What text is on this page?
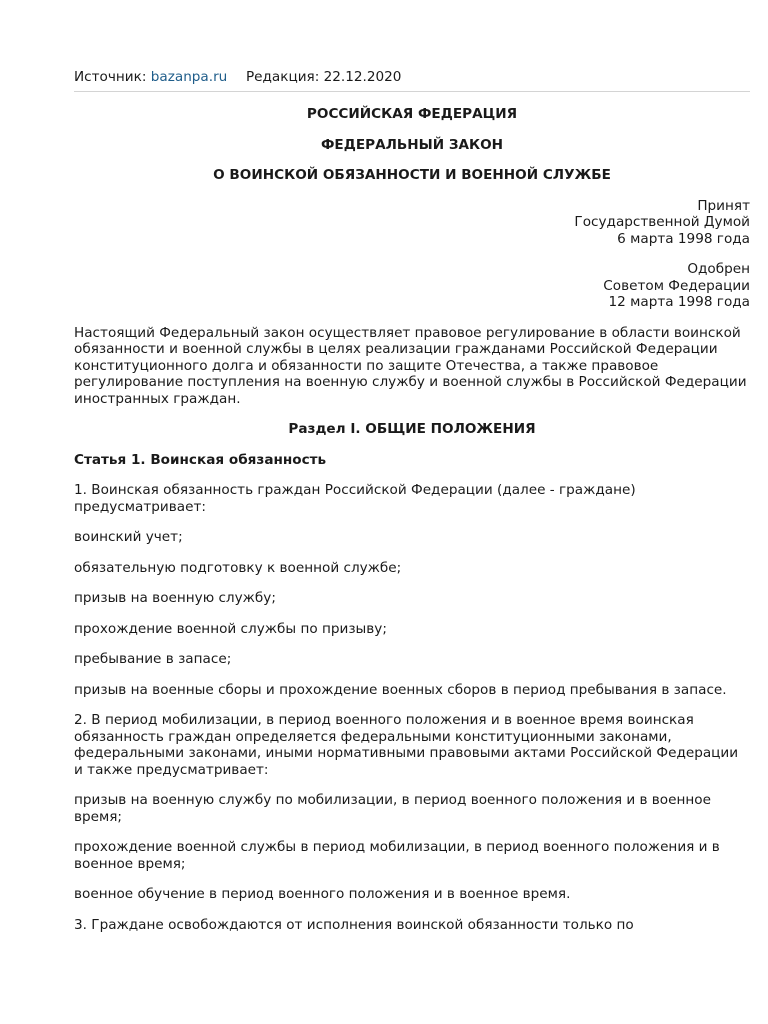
Источник: bazanpa.ru Редакция: 22.12.2020

РОССИЙСКАЯ ФЕДЕРАЦИЯ

ФЕДЕРАЛЬНЫЙ ЗАКОН

О ВОИНСКОЙ ОБЯЗАННОСТИ И ВОЕННОЙ СЛУЖБЕ

Принят
Государственной Думой
6 марта 1998 года
Одобрен
Советом Федерации
12 марта 1998 года

Настоящий Федеральный закон осуществляет правовое регулирование в области воинской обязанности и военной службы в целях реализации гражданами Российской Федерации конституционного долга и обязанности по защите Отечества, а также правовое регулирование поступления на военную службу и военной службы в Российской Федерации иностранных граждан.

Раздел I. ОБЩИЕ ПОЛОЖЕНИЯ

Статья 1. Воинская обязанность

1. Воинская обязанность граждан Российской Федерации (далее - граждане) предусматривает:

воинский учет;

обязательную подготовку к военной службе;

призыв на военную службу;

прохождение военной службы по призыву;

пребывание в запасе;

призыв на военные сборы и прохождение военных сборов в период пребывания в запасе.

2. В период мобилизации, в период военного положения и в военное время воинская обязанность граждан определяется федеральными конституционными законами, федеральными законами, иными нормативными правовыми актами Российской Федерации и также предусматривает:

призыв на военную службу по мобилизации, в период военного положения и в военное время;

прохождение военной службы в период мобилизации, в период военного положения и в военное время;

военное обучение в период военного положения и в военное время.

3. Граждане освобождаются от исполнения воинской обязанности только по
